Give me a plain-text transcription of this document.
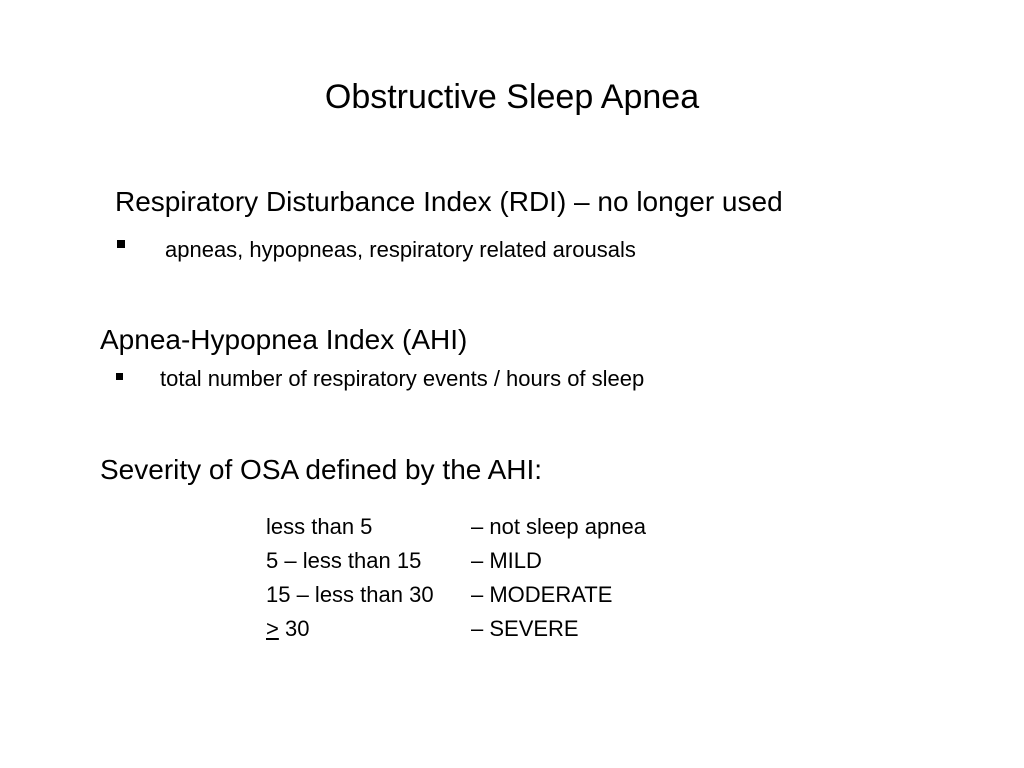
Obstructive Sleep Apnea
Respiratory Disturbance Index (RDI) – no longer used
apneas, hypopneas, respiratory related arousals
Apnea-Hypopnea Index (AHI)
total number of respiratory events / hours of sleep
Severity of OSA defined by the AHI:
less than 5	– not sleep apnea
5 – less than 15 – MILD
15 – less than 30 – MODERATE
≥ 30	– SEVERE
